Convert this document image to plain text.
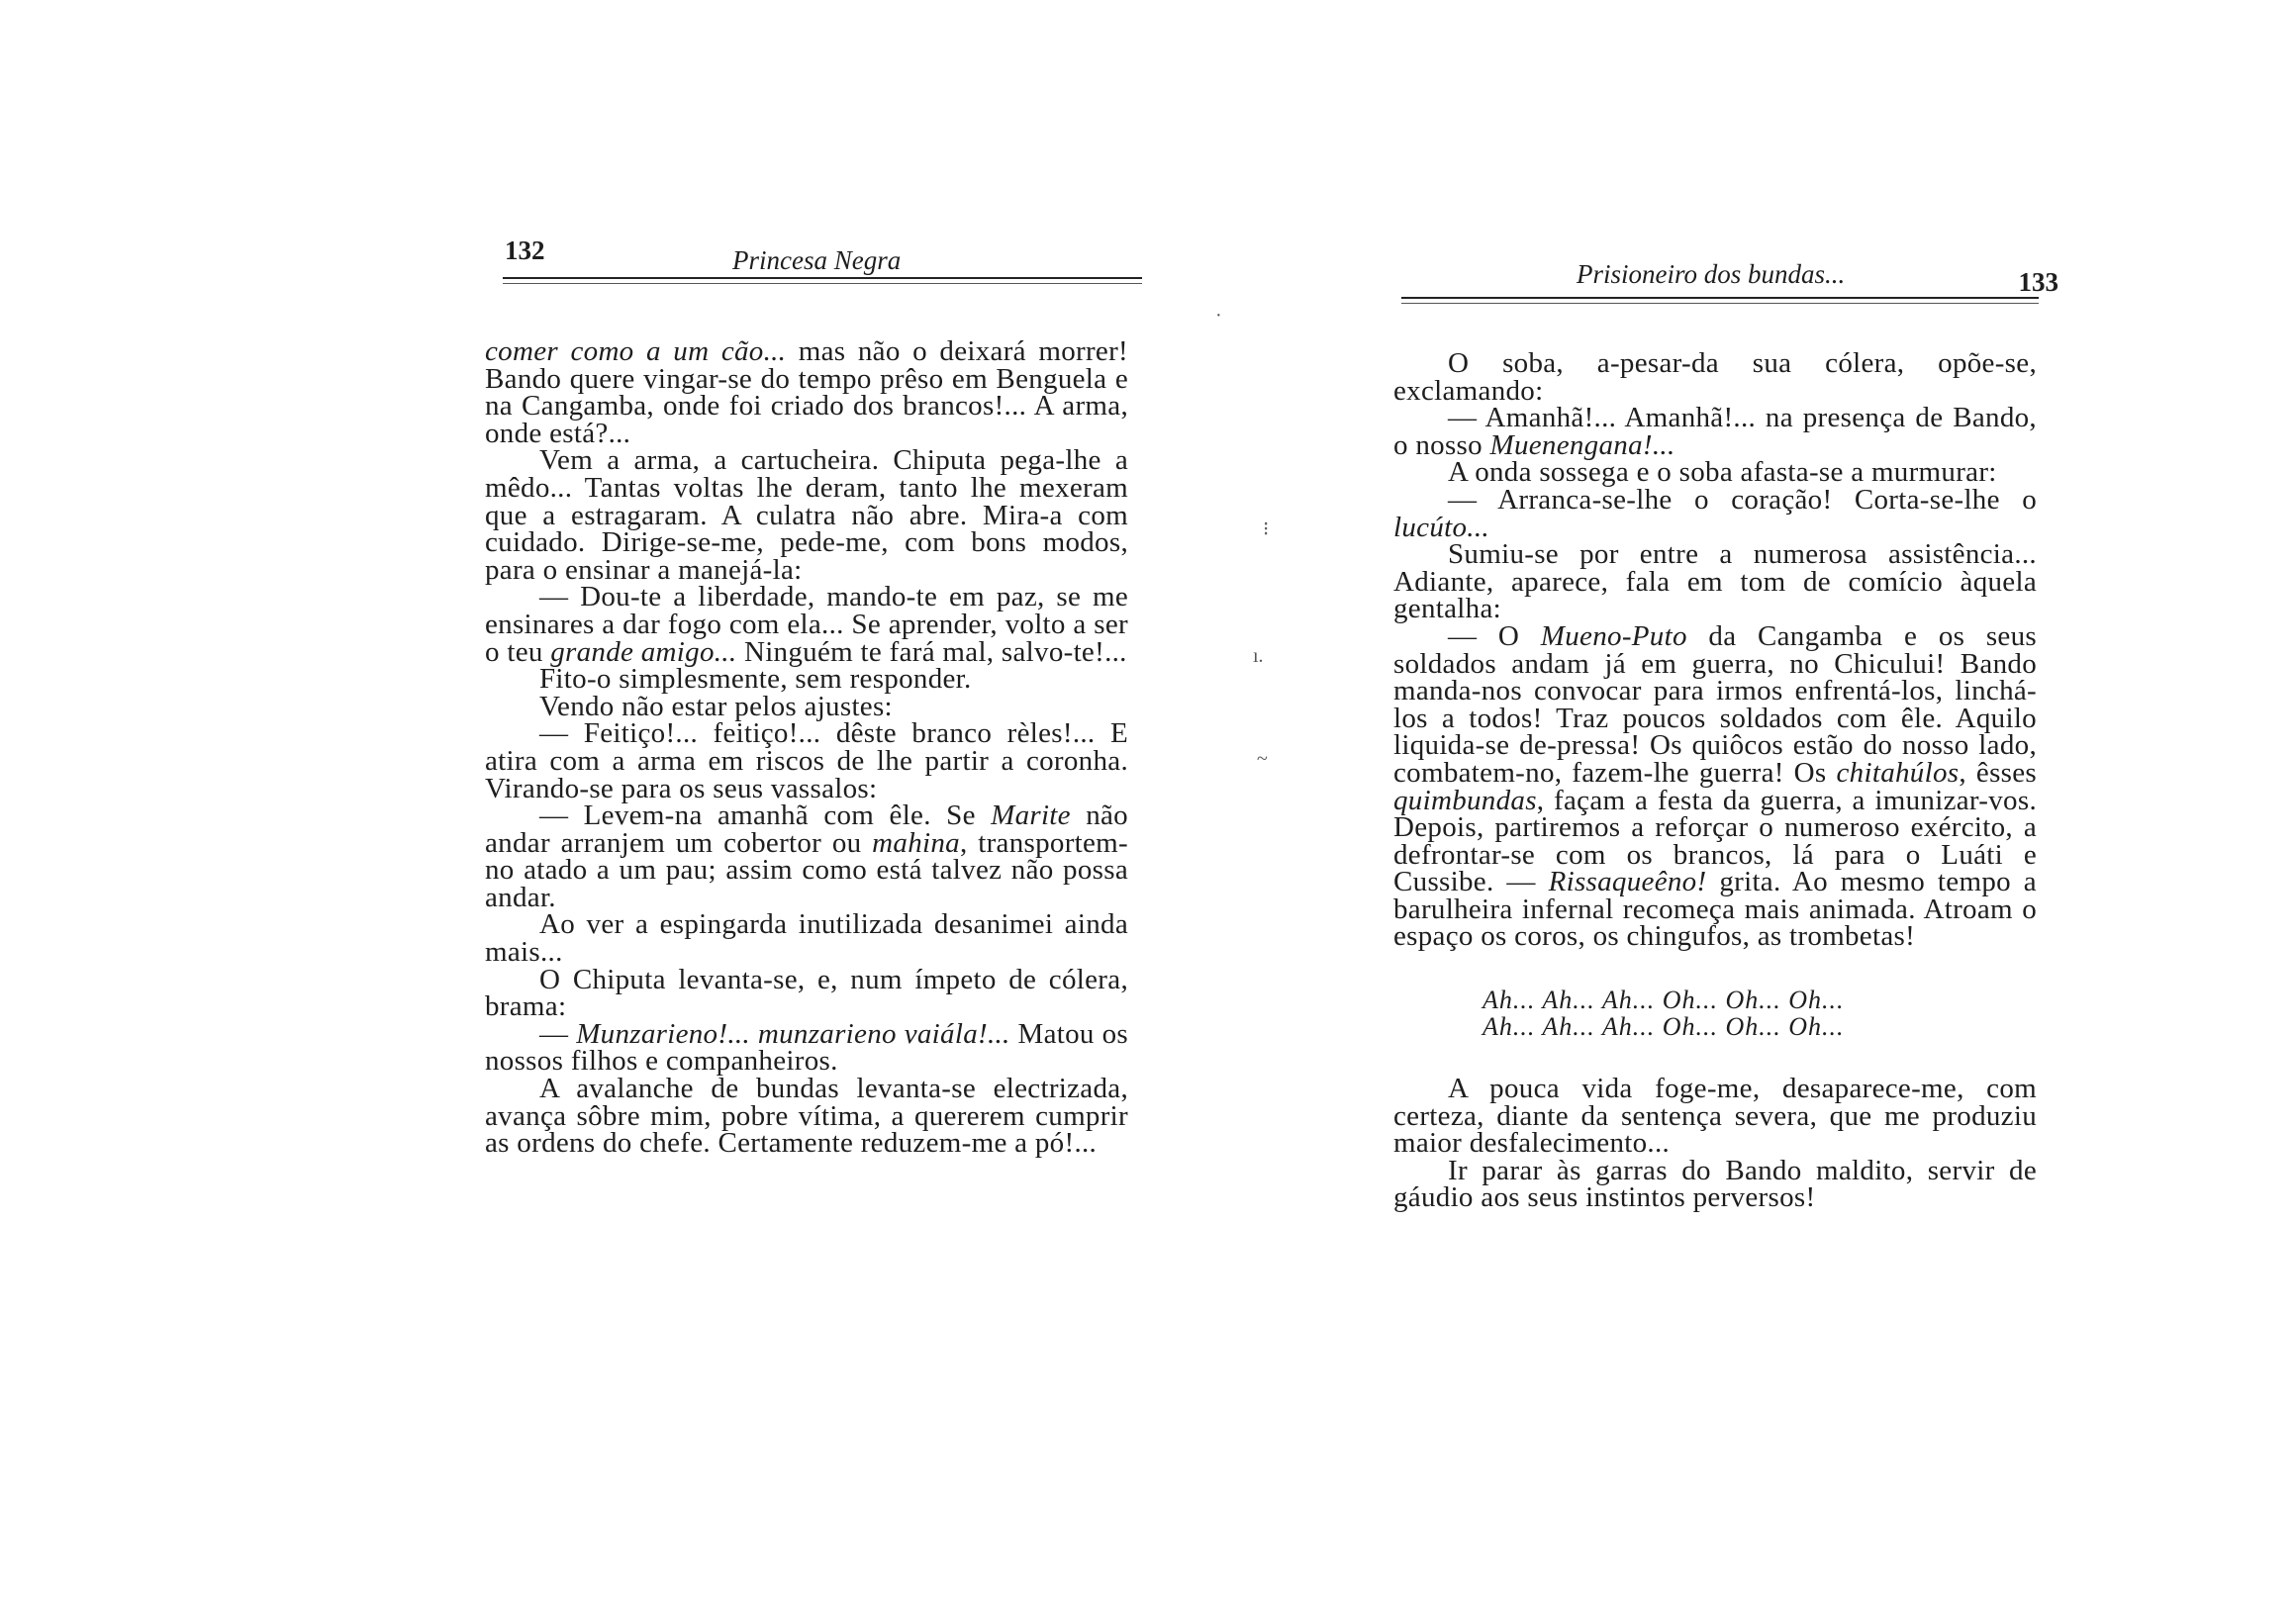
132	Princesa Negra

comer como a um cão... mas não o deixará morrer! Bando quere vingar-se do tempo prêso em Benguela e na Cangamba, onde foi criado dos brancos!... A arma, onde está?...

Vem a arma, a cartucheira. Chiputa pega-lhe a mêdo... Tantas voltas lhe deram, tanto lhe mexeram que a estragaram. A culatra não abre. Mira-a com cuidado. Dirige-se-me, pede-me, com bons modos, para o ensinar a manejá-la:

— Dou-te a liberdade, mando-te em paz, se me ensinares a dar fogo com ela... Se aprender, volto a ser o teu grande amigo... Ninguém te fará mal, salvo-te!...

Fito-o simplesmente, sem responder.

Vendo não estar pelos ajustes:

— Feitiço!... feitiço!... dêste branco rèles!... E atira com a arma em riscos de lhe partir a coronha. Virando-se para os seus vassalos:

— Levem-na amanhã com êle. Se Marite não andar arranjem um cobertor ou mahina, transportem-no atado a um pau; assim como está talvez não possa andar.

Ao ver a espingarda inutilizada desanimei ainda mais...

O Chiputa levanta-se, e, num ímpeto de cólera, brama:

— Munzarieno!... munzarieno vaiála!... Matou os nossos filhos e companheiros.

A avalanche de bundas levanta-se electrizada, avança sôbre mim, pobre vítima, a quererem cumprir as ordens do chefe. Certamente reduzem-me a pó!...

Prisioneiro dos bundas...	133

O soba, a-pesar-da sua cólera, opõe-se, exclamando:

— Amanhã!... Amanhã!... na presença de Bando, o nosso Muenengana!...

A onda sossega e o soba afasta-se a murmurar:

— Arranca-se-lhe o coração! Corta-se-lhe o lucúto...

Sumiu-se por entre a numerosa assistência... Adiante, aparece, fala em tom de comício àquela gentalha:

— O Mueno-Puto da Cangamba e os seus soldados andam já em guerra, no Chicului! Bando manda-nos convocar para irmos enfrentá-los, linchá-los a todos! Traz poucos soldados com êle. Aquilo liquida-se de-pressa! Os quiôcos estão do nosso lado, combatem-no, fazem-lhe guerra! Os chitahúlos, êsses quimbundas, façam a festa da guerra, a imunizar-vos. Depois, partiremos a reforçar o numeroso exército, a defrontar-se com os brancos, lá para o Luáti e Cussibe. — Rissaqueêno! grita. Ao mesmo tempo a barulheira infernal recomeça mais animada. Atroam o espaço os coros, os chingufos, as trombetas!

Ah... Ah... Ah... Oh... Oh... Oh...
Ah... Ah... Ah... Oh... Oh... Oh...

A pouca vida foge-me, desaparece-me, com certeza, diante da sentença severa, que me produziu maior desfalecimento...

Ir parar às garras do Bando maldito, servir de gáudio aos seus instintos perversos!

·
⁝
ı.
~
